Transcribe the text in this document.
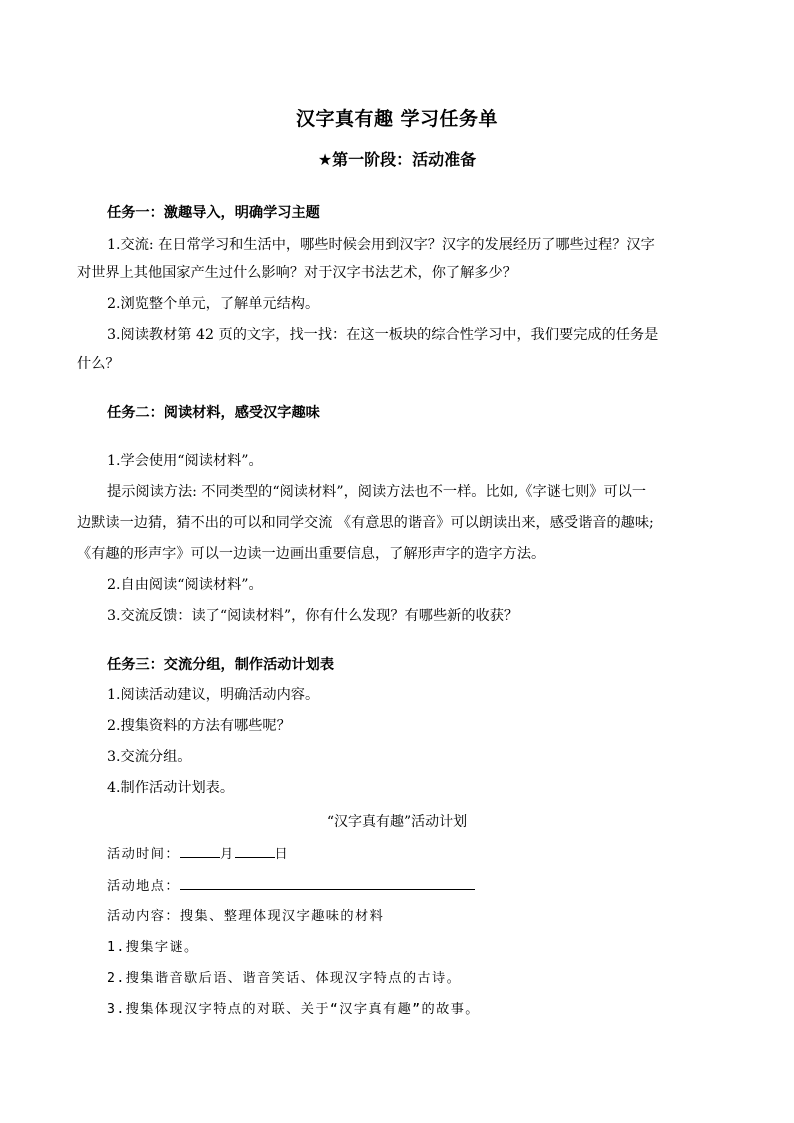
汉字真有趣 学习任务单
★第一阶段：活动准备
任务一：激趣导入，明确学习主题
1.交流: 在日常学习和生活中，哪些时候会用到汉字？汉字的发展经历了哪些过程？汉字
对世界上其他国家产生过什么影响？对于汉字书法艺术，你了解多少？
2.浏览整个单元，了解单元结构。
3.阅读教材第 42 页的文字，找一找：在这一板块的综合性学习中，我们要完成的任务是
什么？
任务二：阅读材料，感受汉字趣味
1.学会使用“阅读材料”。
提示阅读方法: 不同类型的“阅读材料”，阅读方法也不一样。比如,《字谜七则》可以一
边默读一边猜，猜不出的可以和同学交流 《有意思的谐音》可以朗读出来，感受谐音的趣味;
《有趣的形声字》可以一边读一边画出重要信息，了解形声字的造字方法。
2.自由阅读“阅读材料”。
3.交流反馈：读了“阅读材料”，你有什么发现？有哪些新的收获？
任务三：交流分组，制作活动计划表
1.阅读活动建议，明确活动内容。
2.搜集资料的方法有哪些呢？
3.交流分组。
4.制作活动计划表。
“汉字真有趣”活动计划
活动时间：	月	日
活动地点：
活动内容：搜集、整理体现汉字趣味的材料
1.搜集字谜。
2.搜集谐音歇后语、谐音笑话、体现汉字特点的古诗。
3.搜集体现汉字特点的对联、关于“汉字真有趣”的故事。
